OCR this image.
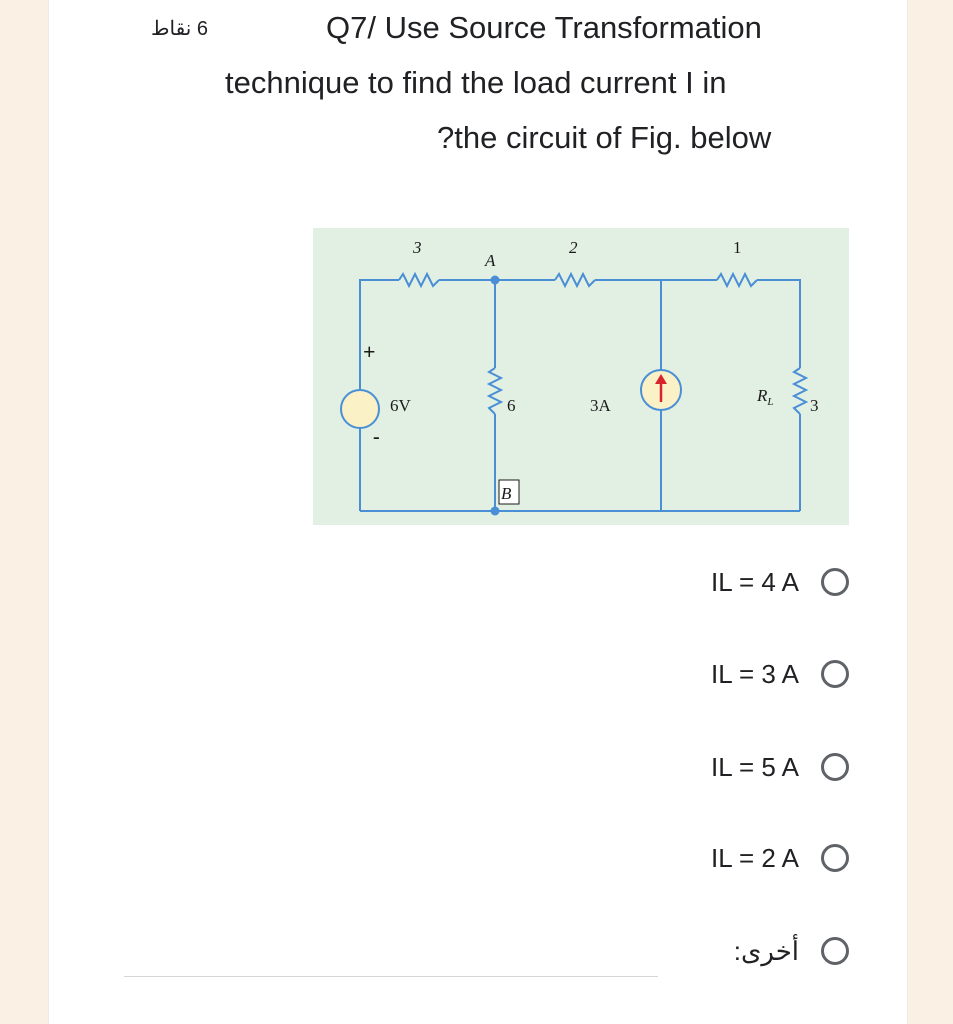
6 نقاط	Q7/ Use Source Transformation
technique to find the load current I in
?the circuit of Fig. below
3
A
2	1
+
-
6V	6	3A
$R_L$ 3
B
IL = 4 A
IL = 3 A
IL = 5 A
IL = 2 A
أخرى:
